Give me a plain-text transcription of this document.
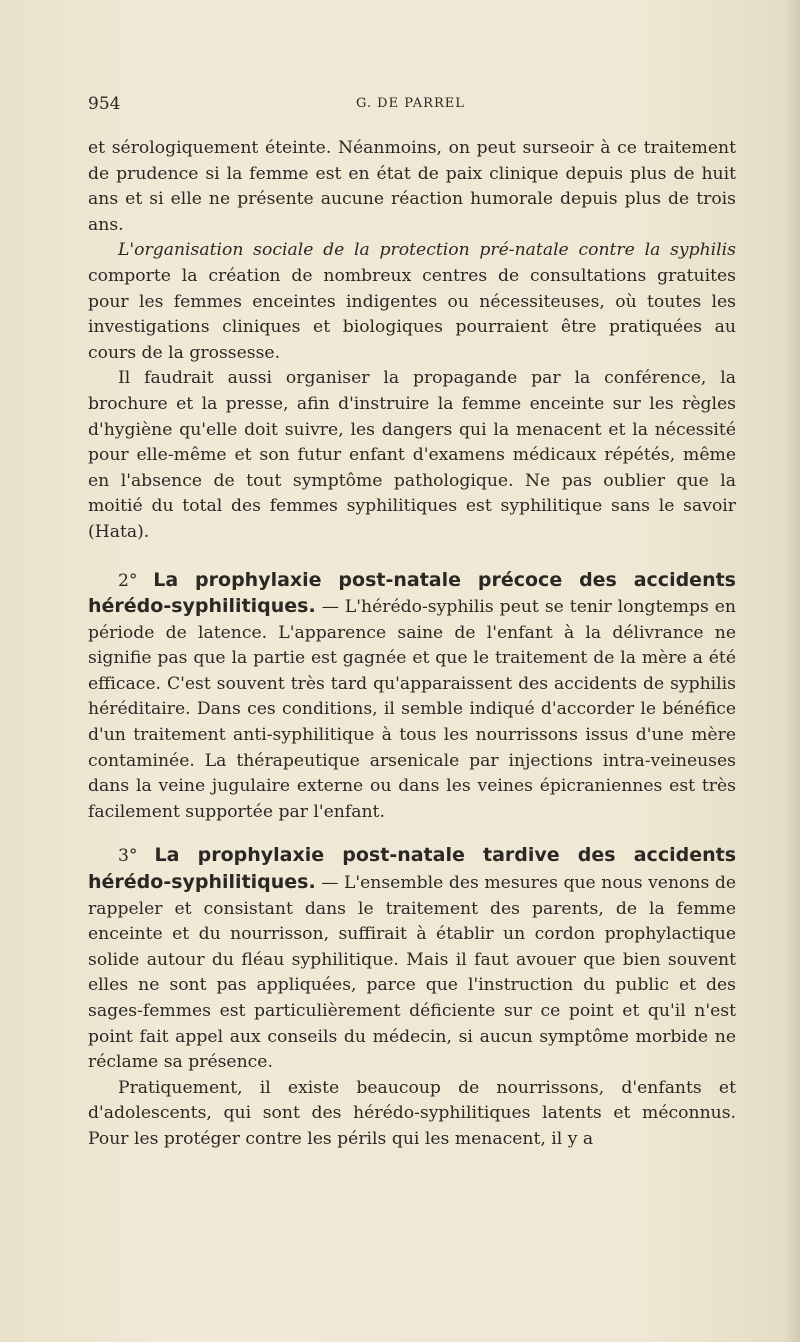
954	G. DE PARREL

et sérologiquement éteinte. Néanmoins, on peut surseoir à ce traitement de prudence si la femme est en état de paix clinique depuis plus de huit ans et si elle ne présente aucune réaction humorale depuis plus de trois ans.

L'organisation sociale de la protection pré-natale contre la syphilis comporte la création de nombreux centres de consultations gratuites pour les femmes enceintes indigentes ou nécessiteuses, où toutes les investigations cliniques et biologiques pourraient être pratiquées au cours de la grossesse.

Il faudrait aussi organiser la propagande par la conférence, la brochure et la presse, afin d'instruire la femme enceinte sur les règles d'hygiène qu'elle doit suivre, les dangers qui la menacent et la nécessité pour elle-même et son futur enfant d'examens médicaux répétés, même en l'absence de tout symptôme pathologique. Ne pas oublier que la moitié du total des femmes syphilitiques est syphilitique sans le savoir (Hata).

2° La prophylaxie post-natale précoce des accidents hérédo-syphilitiques. — L'hérédo-syphilis peut se tenir longtemps en période de latence. L'apparence saine de l'enfant à la délivrance ne signifie pas que la partie est gagnée et que le traitement de la mère a été efficace. C'est souvent très tard qu'apparaissent des accidents de syphilis héréditaire. Dans ces conditions, il semble indiqué d'accorder le bénéfice d'un traitement anti-syphilitique à tous les nourrissons issus d'une mère contaminée. La thérapeutique arsenicale par injections intra-veineuses dans la veine jugulaire externe ou dans les veines épicraniennes est très facilement supportée par l'enfant.

3° La prophylaxie post-natale tardive des accidents hérédo-syphilitiques. — L'ensemble des mesures que nous venons de rappeler et consistant dans le traitement des parents, de la femme enceinte et du nourrisson, suffirait à établir un cordon prophylactique solide autour du fléau syphilitique. Mais il faut avouer que bien souvent elles ne sont pas appliquées, parce que l'instruction du public et des sages-femmes est particulièrement déficiente sur ce point et qu'il n'est point fait appel aux conseils du médecin, si aucun symptôme morbide ne réclame sa présence.

Pratiquement, il existe beaucoup de nourrissons, d'enfants et d'adolescents, qui sont des hérédo-syphilitiques latents et méconnus. Pour les protéger contre les périls qui les menacent, il y a
